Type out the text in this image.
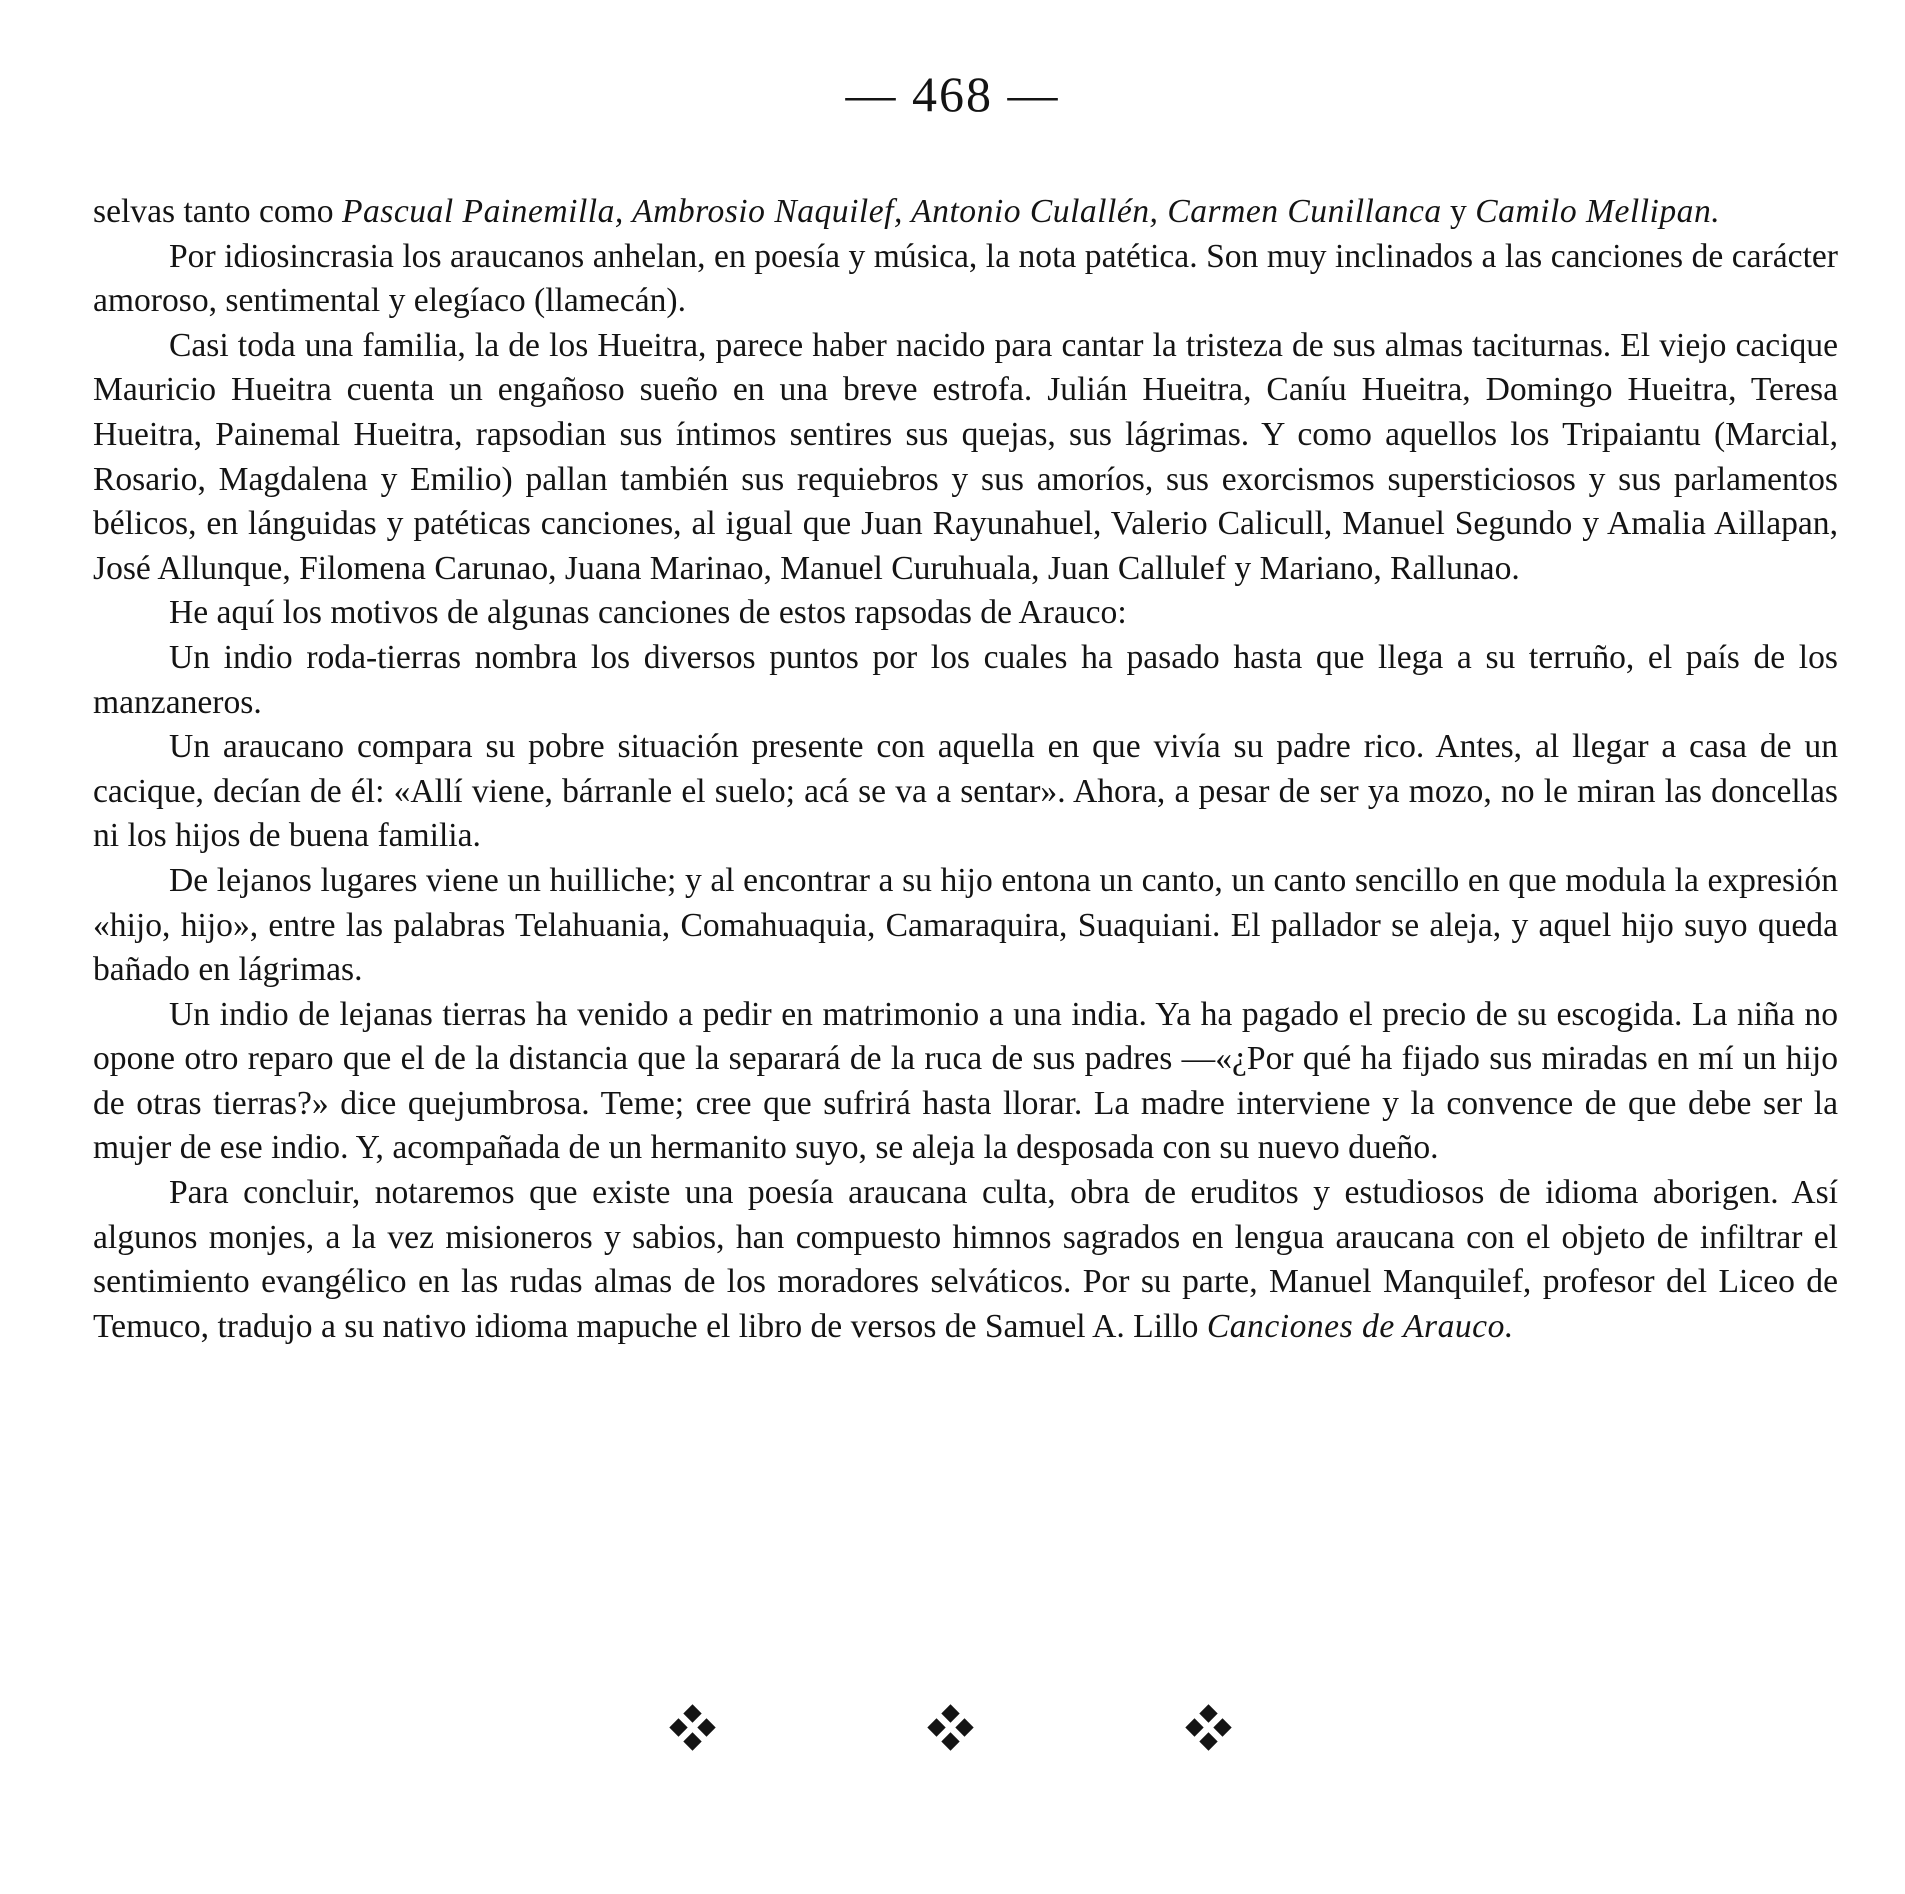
— 468 —

selvas tanto como Pascual Painemilla, Ambrosio Naquilef, Antonio Culallén, Carmen Cunillanca y Camilo Mellipan.

Por idiosincrasia los araucanos anhelan, en poesía y música, la nota patética. Son muy inclinados a las canciones de carácter amoroso, sentimental y elegíaco (llamecán).

Casi toda una familia, la de los Hueitra, parece haber nacido para cantar la tristeza de sus almas taciturnas. El viejo cacique Mauricio Hueitra cuenta un engañoso sueño en una breve estrofa. Julián Hueitra, Caníu Hueitra, Domingo Hueitra, Teresa Hueitra, Painemal Hueitra, rapsodian sus íntimos sentires sus quejas, sus lágrimas. Y como aquellos los Tripaiantu (Marcial, Rosario, Magdalena y Emilio) pallan también sus requiebros y sus amoríos, sus exorcismos supersticiosos y sus parlamentos bélicos, en lánguidas y patéticas canciones, al igual que Juan Rayunahuel, Valerio Calicull, Manuel Segundo y Amalia Aillapan, José Allunque, Filomena Carunao, Juana Marinao, Manuel Curuhuala, Juan Callulef y Mariano, Rallunao.

He aquí los motivos de algunas canciones de estos rapsodas de Arauco:

Un indio roda-tierras nombra los diversos puntos por los cuales ha pasado hasta que llega a su terruño, el país de los manzaneros.

Un araucano compara su pobre situación presente con aquella en que vivía su padre rico. Antes, al llegar a casa de un cacique, decían de él: «Allí viene, bárranle el suelo; acá se va a sentar». Ahora, a pesar de ser ya mozo, no le miran las doncellas ni los hijos de buena familia.

De lejanos lugares viene un huilliche; y al encontrar a su hijo entona un canto, un canto sencillo en que modula la expresión «hijo, hijo», entre las palabras Telahuania, Comahuaquia, Camaraquira, Suaquiani. El pallador se aleja, y aquel hijo suyo queda bañado en lágrimas.

Un indio de lejanas tierras ha venido a pedir en matrimonio a una india. Ya ha pagado el precio de su escogida. La niña no opone otro reparo que el de la distancia que la separará de la ruca de sus padres —«¿Por qué ha fijado sus miradas en mí un hijo de otras tierras?» dice quejumbrosa. Teme; cree que sufrirá hasta llorar. La madre interviene y la convence de que debe ser la mujer de ese indio. Y, acompañada de un hermanito suyo, se aleja la desposada con su nuevo dueño.

Para concluir, notaremos que existe una poesía araucana culta, obra de eruditos y estudiosos de idioma aborigen. Así algunos monjes, a la vez misioneros y sabios, han compuesto himnos sagrados en lengua araucana con el objeto de infiltrar el sentimiento evangélico en las rudas almas de los moradores selváticos. Por su parte, Manuel Manquilef, profesor del Liceo de Temuco, tradujo a su nativo idioma mapuche el libro de versos de Samuel A. Lillo Canciones de Arauco.
